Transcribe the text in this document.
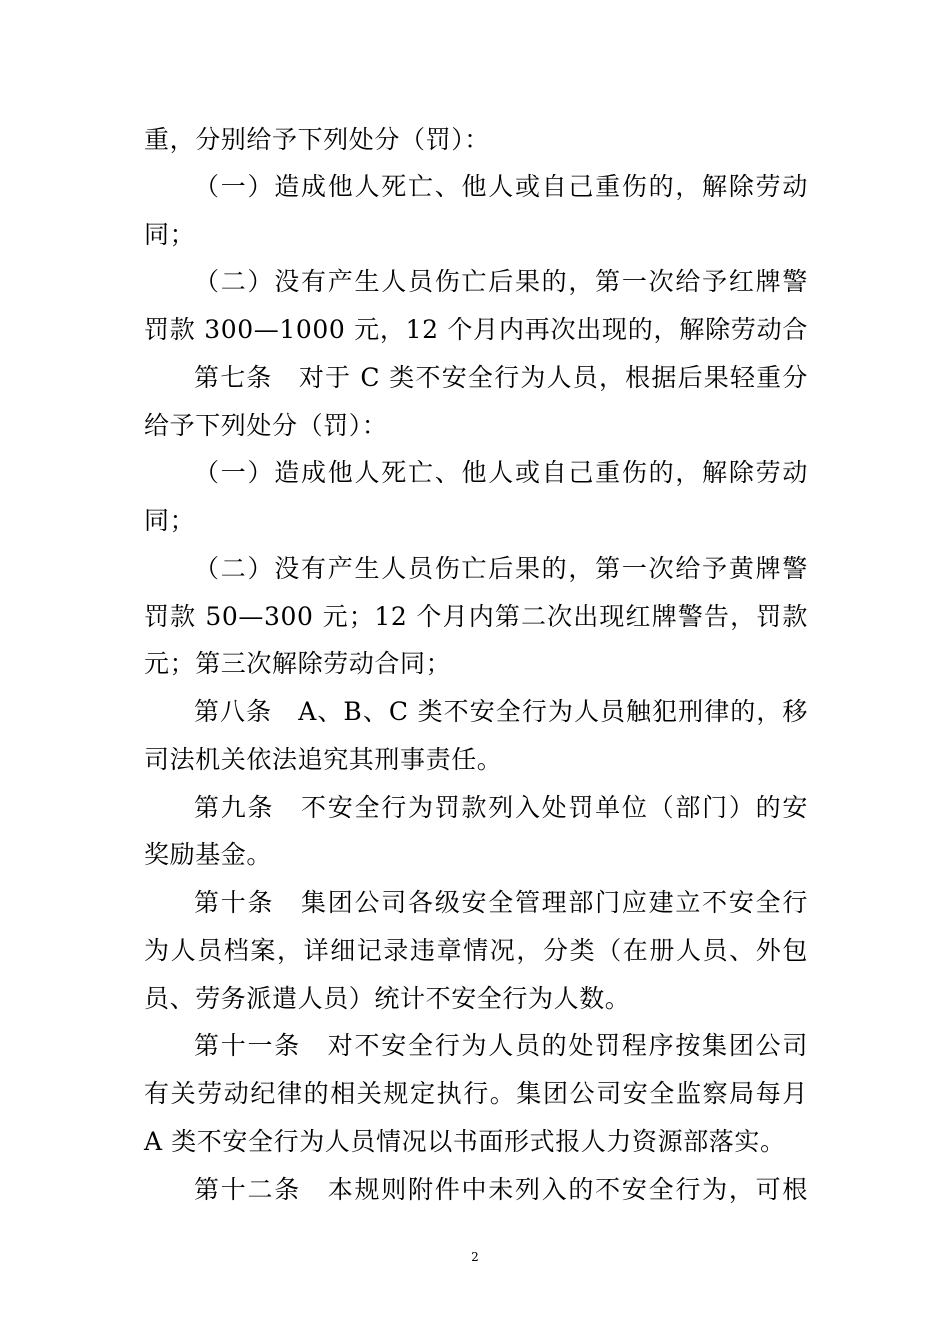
重，分别给予下列处分（罚）：
（一）造成他人死亡、他人或自己重伤的，解除劳动
同；
（二）没有产生人员伤亡后果的，第一次给予红牌警
罚款 300—1000 元，12 个月内再次出现的，解除劳动合
第七条　对于 C 类不安全行为人员，根据后果轻重分
给予下列处分（罚）：
（一）造成他人死亡、他人或自己重伤的，解除劳动
同；
（二）没有产生人员伤亡后果的，第一次给予黄牌警
罚款 50—300 元；12 个月内第二次出现红牌警告，罚款
元；第三次解除劳动合同；
第八条　A、B、C 类不安全行为人员触犯刑律的，移
司法机关依法追究其刑事责任。
第九条　不安全行为罚款列入处罚单位（部门）的安
奖励基金。
第十条　集团公司各级安全管理部门应建立不安全行
为人员档案，详细记录违章情况，分类（在册人员、外包
员、劳务派遣人员）统计不安全行为人数。
第十一条　对不安全行为人员的处罚程序按集团公司
有关劳动纪律的相关规定执行。集团公司安全监察局每月
A 类不安全行为人员情况以书面形式报人力资源部落实。
第十二条　本规则附件中未列入的不安全行为，可根
2
